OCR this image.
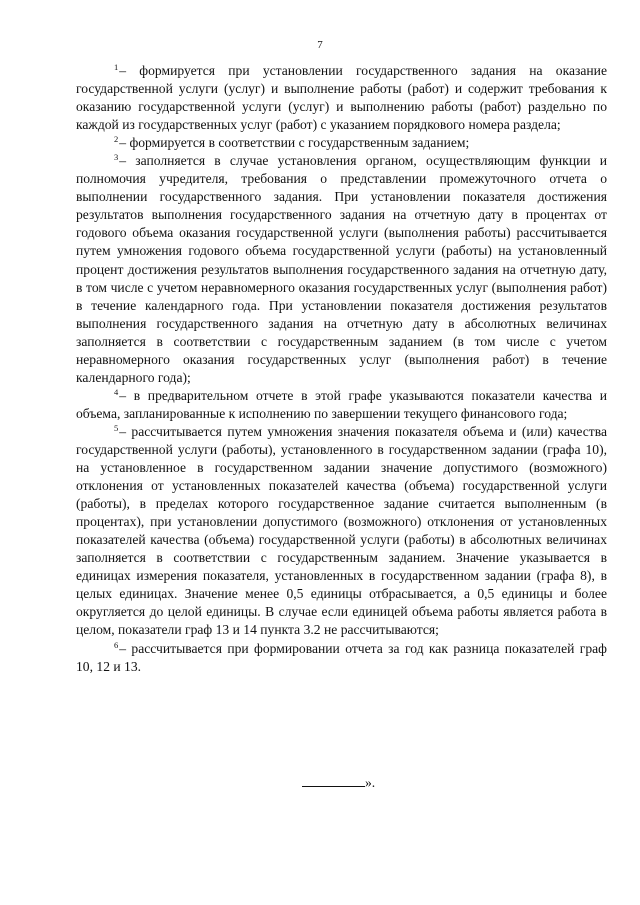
7

$^1$– формируется при установлении государственного задания на оказание государственной услуги (услуг) и выполнение работы (работ) и содержит требования к оказанию государственной услуги (услуг) и выполнению работы (работ) раздельно по каждой из государственных услуг (работ) с указанием порядкового номера раздела;

$^2$– формируется в соответствии с государственным заданием;

$^3$– заполняется в случае установления органом, осуществляющим функции и полномочия учредителя, требования о представлении промежуточного отчета о выполнении государственного задания. При установлении показателя достижения результатов выполнения государственного задания на отчетную дату в процентах от годового объема оказания государственной услуги (выполнения работы) рассчитывается путем умножения годового объема государственной услуги (работы) на установленный процент достижения результатов выполнения государственного задания на отчетную дату, в том числе с учетом неравномерного оказания государственных услуг (выполнения работ) в течение календарного года. При установлении показателя достижения результатов выполнения государственного задания на отчетную дату в абсолютных величинах заполняется в соответствии с государственным заданием (в том числе с учетом неравномерного оказания государственных услуг (выполнения работ) в течение календарного года);

$^4$– в предварительном отчете в этой графе указываются показатели качества и объема, запланированные к исполнению по завершении текущего финансового года;

$^5$– рассчитывается путем умножения значения показателя объема и (или) качества государственной услуги (работы), установленного в государственном задании (графа 10), на установленное в государственном задании значение допустимого (возможного) отклонения от установленных показателей качества (объема) государственной услуги (работы), в пределах которого государственное задание считается выполненным (в процентах), при установлении допустимого (возможного) отклонения от установленных показателей качества (объема) государственной услуги (работы) в абсолютных величинах заполняется в соответствии с государственным заданием. Значение указывается в единицах измерения показателя, установленных в государственном задании (графа 8), в целых единицах. Значение менее 0,5 единицы отбрасывается, а 0,5 единицы и более округляется до целой единицы. В случае если единицей объема работы является работа в целом, показатели граф 13 и 14 пункта 3.2 не рассчитываются;

$^6$– рассчитывается при формировании отчета за год как разница показателей граф 10, 12 и 13.

».
